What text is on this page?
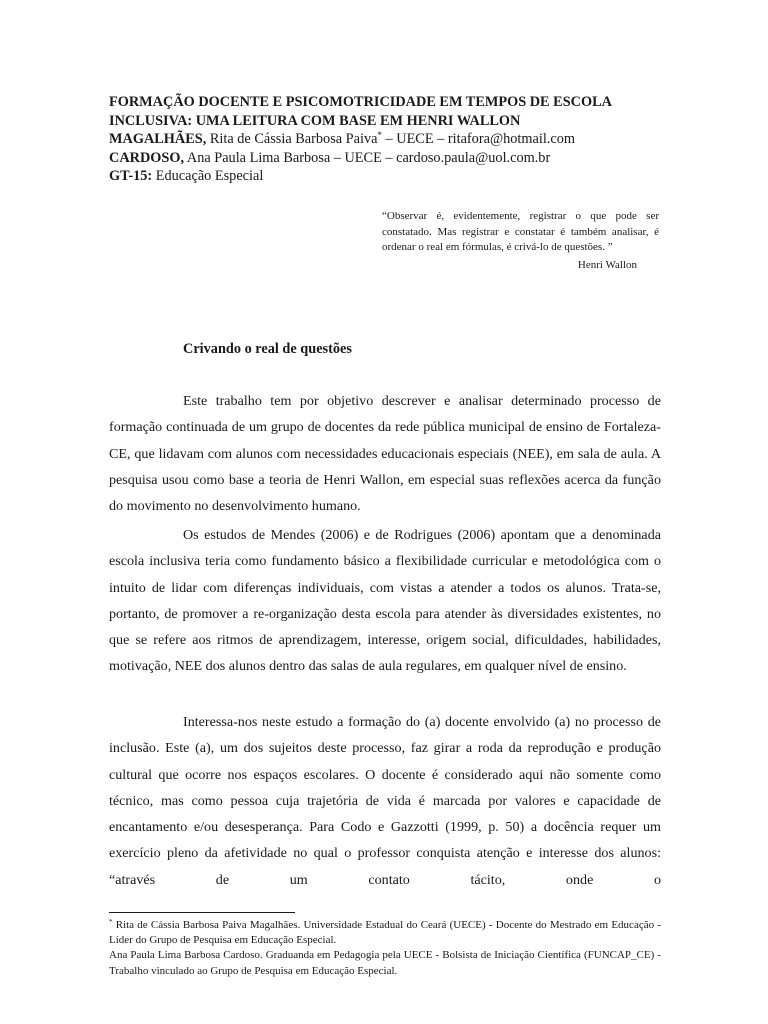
FORMAÇÃO DOCENTE E PSICOMOTRICIDADE EM TEMPOS DE ESCOLA
INCLUSIVA: UMA LEITURA COM BASE EM HENRI WALLON
MAGALHÃES, Rita de Cássia Barbosa Paiva* – UECE – ritafora@hotmail.com
CARDOSO, Ana Paula Lima Barbosa – UECE – cardoso.paula@uol.com.br
GT-15: Educação Especial
“Observar é, evidentemente, registrar o que pode ser constatado. Mas registrar e constatar é também analisar, é ordenar o real em fórmulas, é crivá-lo de questões. ”
Henri Wallon
Crivando o real de questões

Este trabalho tem por objetivo descrever e analisar determinado processo de formação continuada de um grupo de docentes da rede pública municipal de ensino de Fortaleza-CE, que lidavam com alunos com necessidades educacionais especiais (NEE), em sala de aula. A pesquisa usou como base a teoria de Henri Wallon, em especial suas reflexões acerca da função do movimento no desenvolvimento humano.

Os estudos de Mendes (2006) e de Rodrigues (2006) apontam que a denominada escola inclusiva teria como fundamento básico a flexibilidade curricular e metodológica com o intuito de lidar com diferenças individuais, com vistas a atender a todos os alunos. Trata-se, portanto, de promover a re-organização desta escola para atender às diversidades existentes, no que se refere aos ritmos de aprendizagem, interesse, origem social, dificuldades, habilidades, motivação, NEE dos alunos dentro das salas de aula regulares, em qualquer nível de ensino.

Interessa-nos neste estudo a formação do (a) docente envolvido (a) no processo de inclusão. Este (a), um dos sujeitos deste processo, faz girar a roda da reprodução e produção cultural que ocorre nos espaços escolares. O docente é considerado aqui não somente como técnico, mas como pessoa cuja trajetória de vida é marcada por valores e capacidade de encantamento e/ou desesperança. Para Codo e Gazzotti (1999, p. 50) a docência requer um exercício pleno da afetividade no qual o professor conquista atenção e interesse dos alunos: “através de um contato tácito, onde o

* Rita de Cássia Barbosa Paiva Magalhães. Universidade Estadual do Ceará (UECE) - Docente do Mestrado em Educação - Líder do Grupo de Pesquisa em Educação Especial.

Ana Paula Lima Barbosa Cardoso. Graduanda em Pedagogia pela UECE - Bolsista de Iniciação Científica (FUNCAP_CE) - Trabalho vinculado ao Grupo de Pesquisa em Educação Especial.
